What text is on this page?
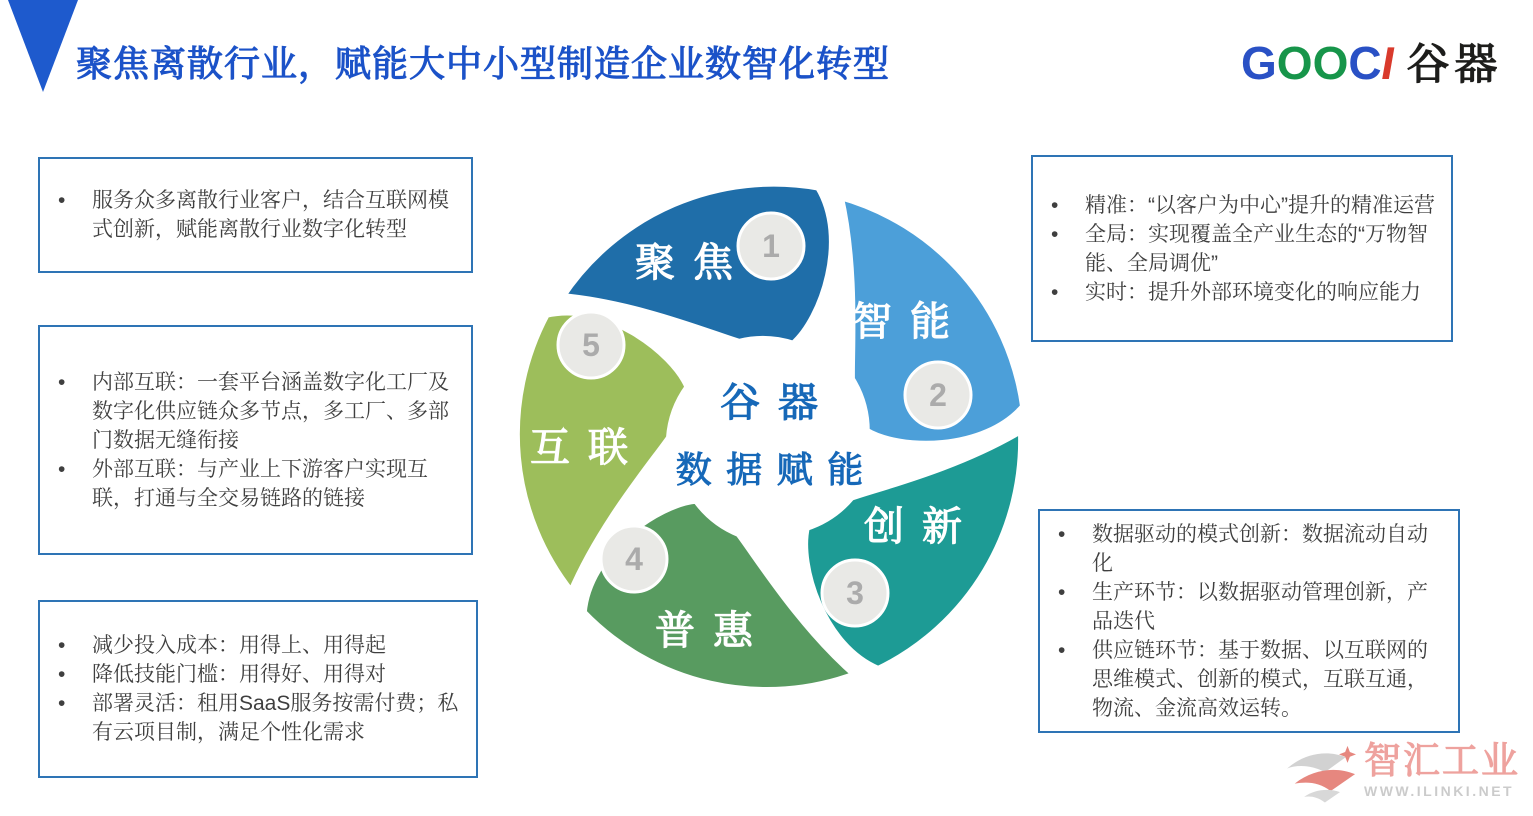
聚焦离散行业，赋能大中小型制造企业数智化转型	G O O C
I 谷器
•	服务众多离散行业客户，结合互联网模式创新，赋能离散行业数字化转型
•	内部互联：一套平台涵盖数字化工厂及数字化供应链众多节点，多工厂、多部门数据无缝衔接
•	外部互联：与产业上下游客户实现互联，打通与全交易链路的链接
•	减少投入成本：用得上、用得起
•	降低技能门槛：用得好、用得对
•	部署灵活：租用SaaS服务按需付费；私有云项目制，满足个性化需求
•	精准：“以客户为中心”提升的精准运营
•	全局：实现覆盖全产业生态的“万物智能、全局调优”
•	实时：提升外部环境变化的响应能力
•	数据驱动的模式创新：数据流动自动化
•	生产环节：以数据驱动管理创新，产品迭代
•	供应链环节：基于数据、以互联网的思维模式、创新的模式，互联互通，物流、金流高效运转。
1
2
3
4
5
聚 焦
智 能
创 新
普 惠
互 联
谷 器
数 据 赋 能
智汇工业
WWW.ILINKI.NET
